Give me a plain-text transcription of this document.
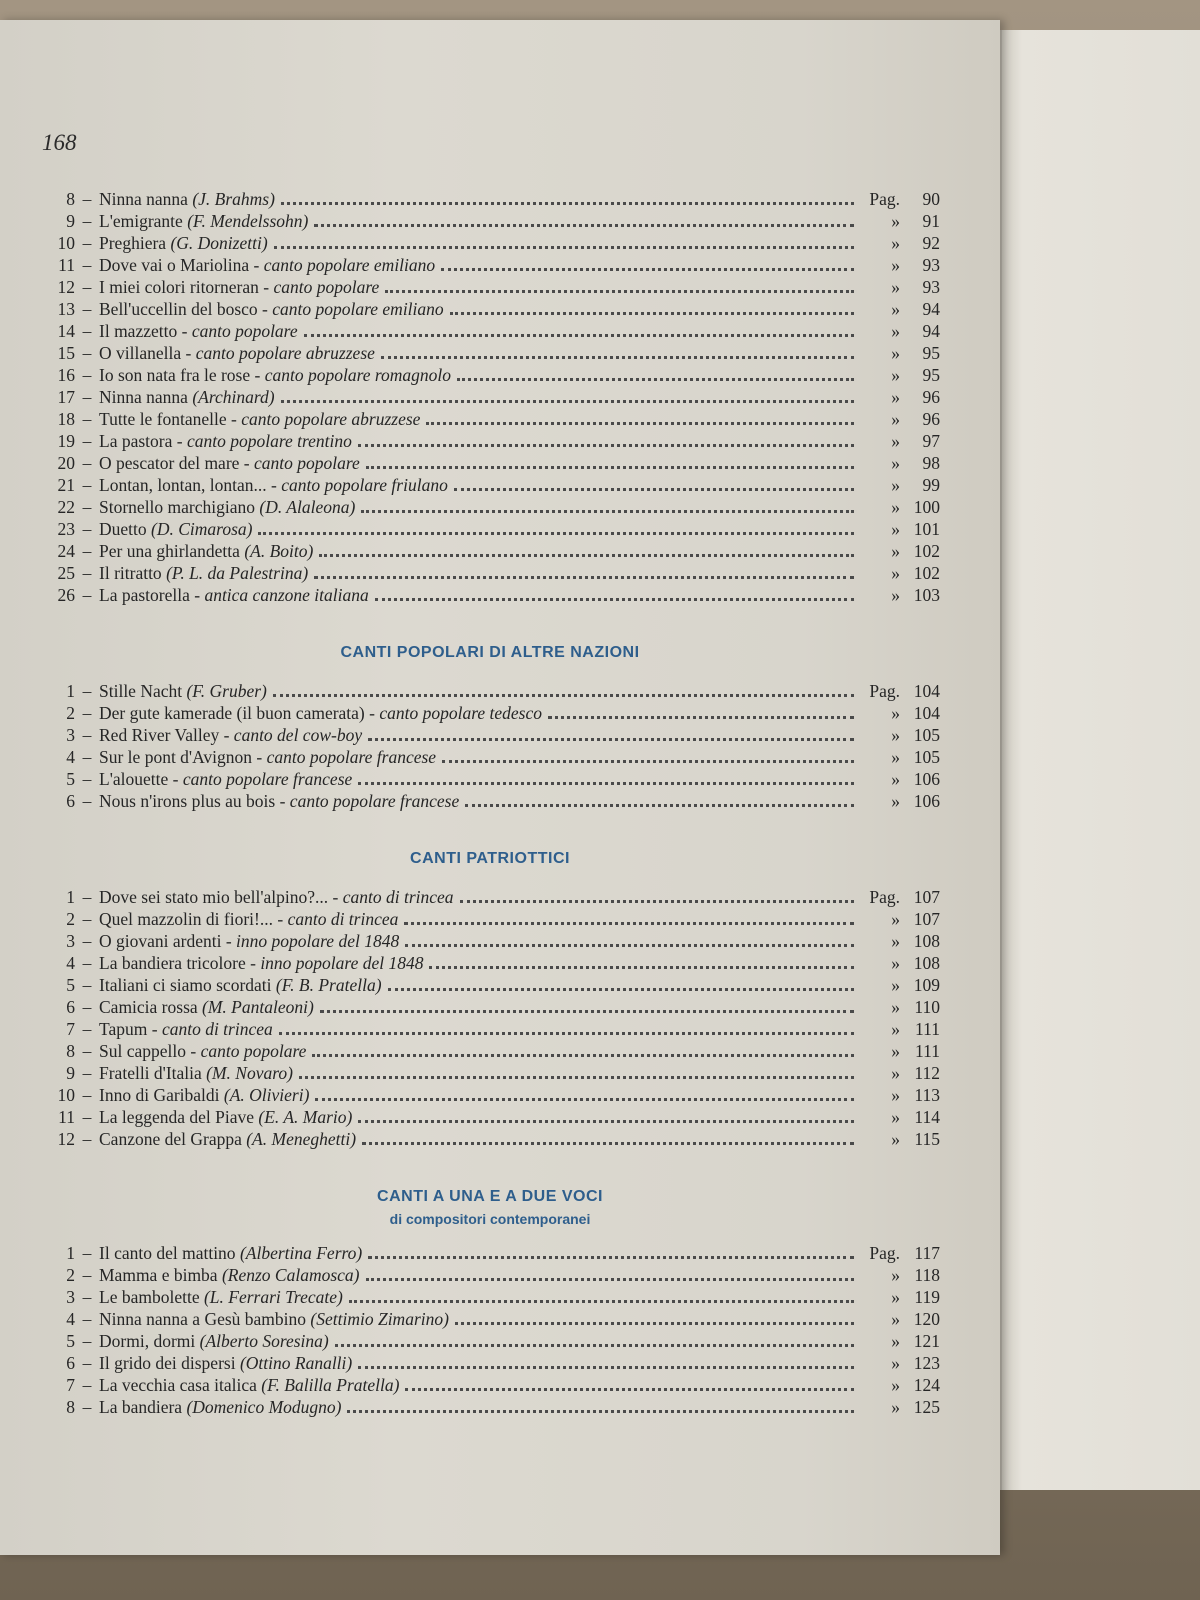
168
8 – Ninna nanna (J. Brahms)	Pag.	90
9 – L'emigrante (F. Mendelssohn)	»	91
10 – Preghiera (G. Donizetti)	»	92
11 – Dove vai o Mariolina - canto popolare emiliano	»	93
12 – I miei colori ritorneran - canto popolare	»	93
13 – Bell'uccellin del bosco - canto popolare emiliano	»	94
14 – Il mazzetto - canto popolare	»	94
15 – O villanella - canto popolare abruzzese	»	95
16 – Io son nata fra le rose - canto popolare romagnolo	»	95
17 – Ninna nanna (Archinard)	»	96
18 – Tutte le fontanelle - canto popolare abruzzese	»	96
19 – La pastora - canto popolare trentino	»	97
20 – O pescator del mare - canto popolare	»	98
21 – Lontan, lontan, lontan... - canto popolare friulano	»	99
22 – Stornello marchigiano (D. Alaleona)	» 100
23 – Duetto (D. Cimarosa)	» 101
24 – Per una ghirlandetta (A. Boito)	» 102
25 – Il ritratto (P. L. da Palestrina)	» 102
26 – La pastorella - antica canzone italiana	» 103
CANTI POPOLARI DI ALTRE NAZIONI
1 – Stille Nacht (F. Gruber)	Pag. 104
2 – Der gute kamerade (il buon camerata) - canto popolare tedesco	» 104
3 – Red River Valley - canto del cow-boy	» 105
4 – Sur le pont d'Avignon - canto popolare francese	» 105
5 – L'alouette - canto popolare francese	» 106
6 – Nous n'irons plus au bois - canto popolare francese	» 106
CANTI PATRIOTTICI
1 – Dove sei stato mio bell'alpino?... - canto di trincea	Pag. 107
2 – Quel mazzolin di fiori!... - canto di trincea	» 107
3 – O giovani ardenti - inno popolare del 1848	» 108
4 – La bandiera tricolore - inno popolare del 1848	» 108
5 – Italiani ci siamo scordati (F. B. Pratella)	» 109
6 – Camicia rossa (M. Pantaleoni)	» 110
7 – Tapum - canto di trincea	» 111
8 – Sul cappello - canto popolare	» 111
9 – Fratelli d'Italia (M. Novaro)	» 112
10 – Inno di Garibaldi (A. Olivieri)	» 113
11 – La leggenda del Piave (E. A. Mario)	» 114
12 – Canzone del Grappa (A. Meneghetti)	» 115
CANTI A UNA E A DUE VOCI
di compositori contemporanei
1 – Il canto del mattino (Albertina Ferro)	Pag. 117
2 – Mamma e bimba (Renzo Calamosca)	» 118
3 – Le bambolette (L. Ferrari Trecate)	» 119
4 – Ninna nanna a Gesù bambino (Settimio Zimarino)	» 120
5 – Dormi, dormi (Alberto Soresina)	» 121
6 – Il grido dei dispersi (Ottino Ranalli)	» 123
7 – La vecchia casa italica (F. Balilla Pratella)	» 124
8 – La bandiera (Domenico Modugno)	» 125
